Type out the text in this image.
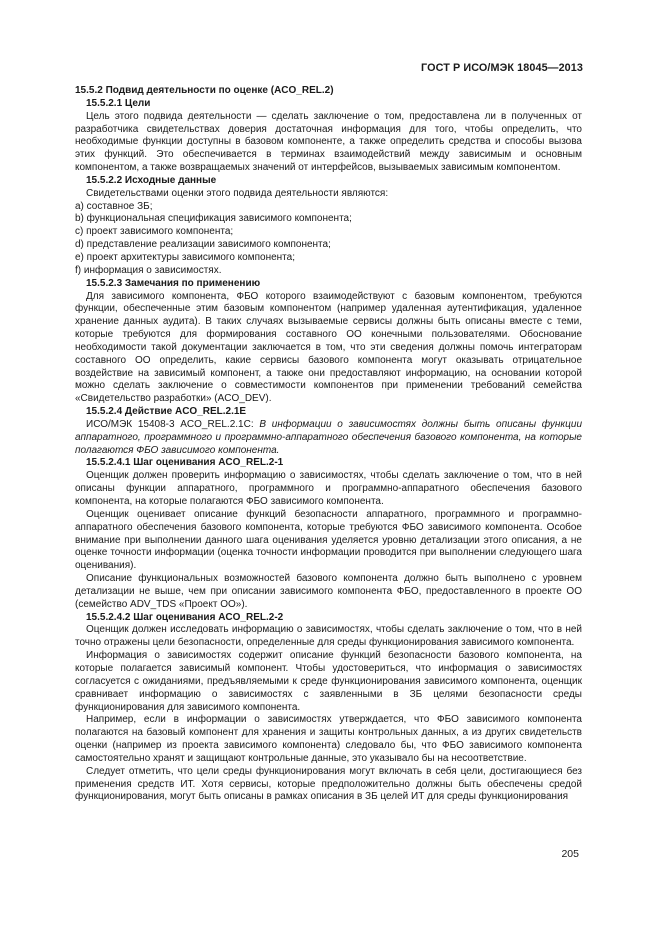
ГОСТ Р ИСО/МЭК 18045—2013
15.5.2 Подвид деятельности по оценке (ACO_REL.2)
15.5.2.1 Цели
Цель этого подвида деятельности — сделать заключение о том, предоставлена ли в полученных от разработчика свидетельствах доверия достаточная информация для того, чтобы определить, что необходимые функции доступны в базовом компоненте, а также определить средства и способы вызова этих функций. Это обеспечивается в терминах взаимодействий между зависимым и основным компонентом, а также возвращаемых значений от интерфейсов, вызываемых зависимым компонентом.
15.5.2.2 Исходные данные
Свидетельствами оценки этого подвида деятельности являются:
a) составное ЗБ;
b) функциональная спецификация зависимого компонента;
c) проект зависимого компонента;
d) представление реализации зависимого компонента;
e) проект архитектуры зависимого компонента;
f) информация о зависимостях.
15.5.2.3 Замечания по применению
Для зависимого компонента, ФБО которого взаимодействуют с базовым компонентом, требуются функции, обеспеченные этим базовым компонентом (например удаленная аутентификация, удаленное хранение данных аудита). В таких случаях вызываемые сервисы должны быть описаны вместе с теми, которые требуются для формирования составного ОО конечными пользователями. Обоснование необходимости такой документации заключается в том, что эти сведения должны помочь интеграторам составного ОО определить, какие сервисы базового компонента могут оказывать отрицательное воздействие на зависимый компонент, а также они предоставляют информацию, на основании которой можно сделать заключение о совместимости компонентов при применении требований семейства «Свидетельство разработки» (ACO_DEV).
15.5.2.4 Действие ACO_REL.2.1E
ИСО/МЭК 15408-3 ACO_REL.2.1C: В информации о зависимостях должны быть описаны функции аппаратного, программного и программно-аппаратного обеспечения базового компонента, на которые полагаются ФБО зависимого компонента.
15.5.2.4.1 Шаг оценивания ACO_REL.2-1
Оценщик должен проверить информацию о зависимостях, чтобы сделать заключение о том, что в ней описаны функции аппаратного, программного и программно-аппаратного обеспечения базового компонента, на которые полагаются ФБО зависимого компонента.
Оценщик оценивает описание функций безопасности аппаратного, программного и программно-аппаратного обеспечения базового компонента, которые требуются ФБО зависимого компонента. Особое внимание при выполнении данного шага оценивания уделяется уровню детализации этого описания, а не оценке точности информации (оценка точности информации проводится при выполнении следующего шага оценивания).
Описание функциональных возможностей базового компонента должно быть выполнено с уровнем детализации не выше, чем при описании зависимого компонента ФБО, предоставленного в проекте ОО (семейство ADV_TDS «Проект ОО»).
15.5.2.4.2 Шаг оценивания ACO_REL.2-2
Оценщик должен исследовать информацию о зависимостях, чтобы сделать заключение о том, что в ней точно отражены цели безопасности, определенные для среды функционирования зависимого компонента.
Информация о зависимостях содержит описание функций безопасности базового компонента, на которые полагается зависимый компонент. Чтобы удостовериться, что информация о зависимостях согласуется с ожиданиями, предъявляемыми к среде функционирования зависимого компонента, оценщик сравнивает информацию о зависимостях с заявленными в ЗБ целями безопасности среды функционирования для зависимого компонента.
Например, если в информации о зависимостях утверждается, что ФБО зависимого компонента полагаются на базовый компонент для хранения и защиты контрольных данных, а из других свидетельств оценки (например из проекта зависимого компонента) следовало бы, что ФБО зависимого компонента самостоятельно хранят и защищают контрольные данные, это указывало бы на несоответствие.
Следует отметить, что цели среды функционирования могут включать в себя цели, достигающиеся без применения средств ИТ. Хотя сервисы, которые предположительно должны быть обеспечены средой функционирования, могут быть описаны в рамках описания в ЗБ целей ИТ для среды функционирования
205
